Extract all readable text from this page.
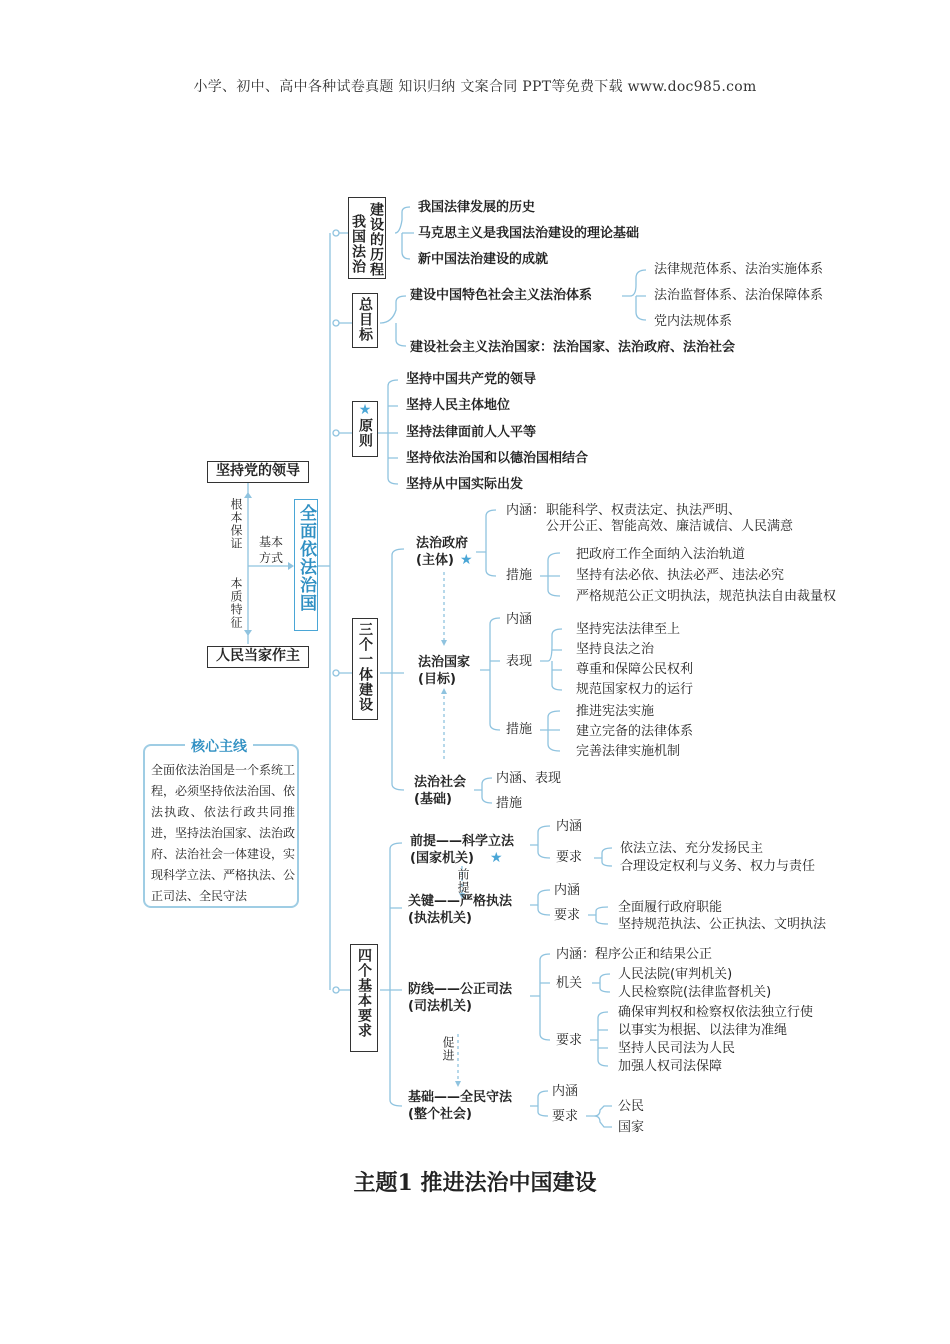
小学、初中、高中各种试卷真题 知识归纳 文案合同 PPT等免费下载 www.doc985.com
坚持党的领导
人民当家作主
根本保证
本质特征
基本方式 全面依法治国
核心主线
全面依法治国是一个系统工程，必须坚持依法治国、依法执政、依法行政共同推进，坚持法治国家、法治政府、法治社会一体建设，实现科学立法、严格执法、公正司法、全民守法
建设的历程
我国法治
我国法律发展的历史
马克思主义是我国法治建设的理论基础
新中国法治建设的成就
总目标
建设中国特色社会主义法治体系
法律规范体系、法治实施体系
法治监督体系、法治保障体系
党内法规体系
建设社会主义法治国家：法治国家、法治政府、法治社会
★
原则
坚持中国共产党的领导
坚持人民主体地位
坚持法律面前人人平等
坚持依法治国和以德治国相结合
坚持从中国实际出发
三个一体建设
法治政府
(主体) ★
内涵： 职能科学、权责法定、执法严明、
公开公正、智能高效、廉洁诚信、人民满意
措施
把政府工作全面纳入法治轨道
坚持有法必依、执法必严、违法必究
严格规范公正文明执法，规范执法自由裁量权
法治国家
(目标)
内涵
表现
坚持宪法法律至上
坚持良法之治
尊重和保障公民权利
规范国家权力的运行
措施
推进宪法实施
建立完备的法律体系
完善法律实施机制
法治社会
(基础)
内涵、表现
措施
四个基本要求
前提——科学立法
(国家机关) ★
内涵
要求
依法立法、充分发扬民主
合理设定权利与义务、权力与责任
前提
关键——严格执法
(执法机关)
内涵
要求
全面履行政府职能
坚持规范执法、公正执法、文明执法
防线——公正司法
(司法机关)
内涵：程序公正和结果公正
机关
人民法院(审判机关)
人民检察院(法律监督机关)
要求
确保审判权和检察权依法独立行使
以事实为根据、以法律为准绳
坚持人民司法为人民
加强人权司法保障
促进
基础——全民守法
(整个社会)
内涵
要求
公民
国家
主题1 推进法治中国建设
